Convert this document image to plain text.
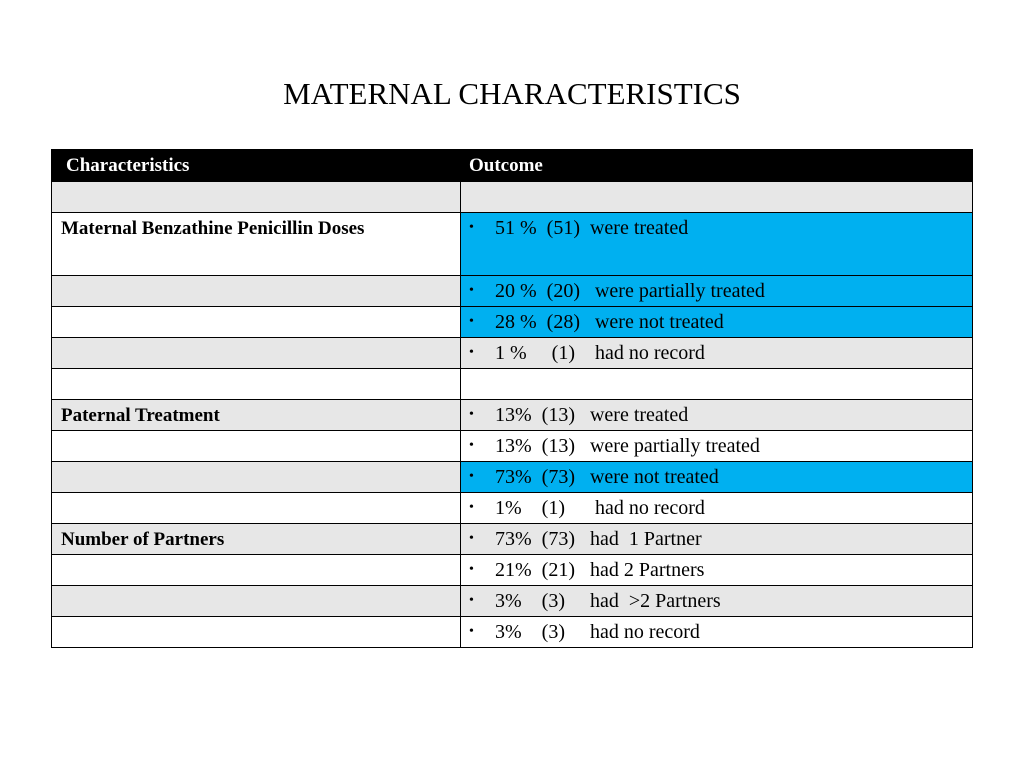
MATERNAL CHARACTERISTICS
Characteristics	Outcome

Maternal Benzathine Penicillin Doses	• 51 %  (51)  were treated

	• 20 %  (20)   were partially treated

	• 28 %  (28)   were not treated

	• 1 %     (1)    had no record

Paternal Treatment	• 13%  (13)   were treated

	• 13%  (13)   were partially treated

	• 73%  (73)   were not treated

	• 1%    (1)      had no record

Number of Partners	• 73%  (73)   had  1 Partner

	• 21%  (21)   had 2 Partners

	• 3%    (3)     had  >2 Partners

	• 3%    (3)     had no record
